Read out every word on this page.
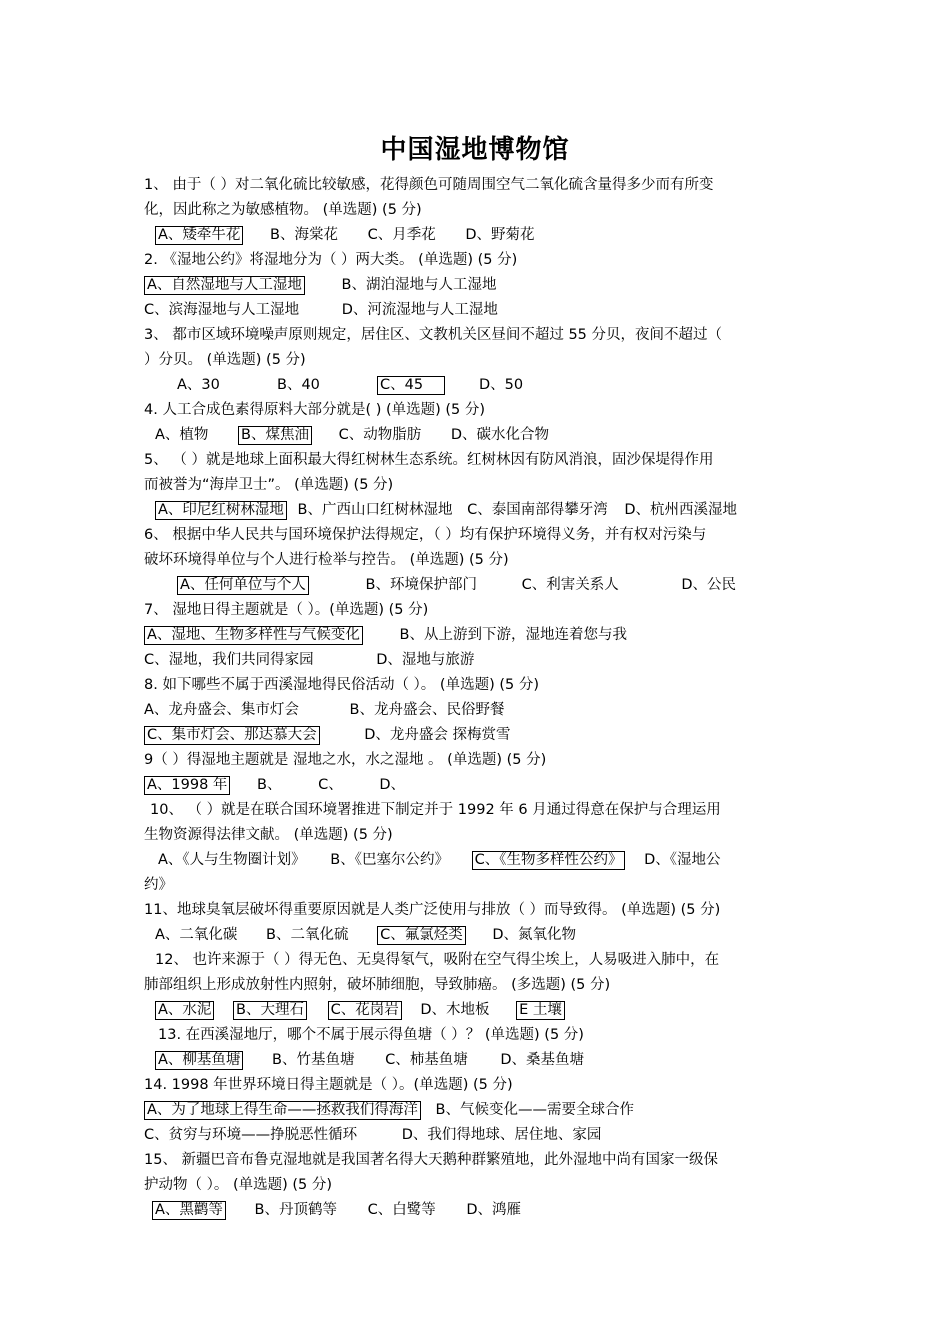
中国湿地博物馆
1、 由于（ ）对二氧化硫比较敏感，花得颜色可随周围空气二氧化硫含量得多少而有所变
化，因此称之为敏感植物。 (单选题) (5 分)
A、矮牵牛花 B、海棠花 C、月季花 D、野菊花
2. 《湿地公约》将湿地分为（ ）两大类。 (单选题) (5 分)
A、自然湿地与人工湿地	B、湖泊湿地与人工湿地
C、滨海湿地与人工湿地	D、河流湿地与人工湿地
3、 都市区域环境噪声原则规定，居住区、文教机关区昼间不超过 55 分贝，夜间不超过（
）分贝。 (单选题) (5 分)
A、30	B、40	C、45	D、50
4. 人工合成色素得原料大部分就是( ) (单选题) (5 分)
A、植物 B、煤焦油 C、动物脂肪 D、碳水化合物
5、 （ ）就是地球上面积最大得红树林生态系统。红树林因有防风消浪，固沙保堤得作用
而被誉为“海岸卫士”。 (单选题) (5 分)
A、印尼红树林湿地 B、广西山口红树林湿地 C、泰国南部得攀牙湾 D、杭州西溪湿地
6、 根据中华人民共与国环境保护法得规定，（ ）均有保护环境得义务，并有权对污染与
破坏环境得单位与个人进行检举与控告。 (单选题) (5 分)
A、任何单位与个人	B、环境保护部门	C、利害关系人	D、公民
7、 湿地日得主题就是（ ）。(单选题) (5 分)
A、湿地、生物多样性与气候变化	B、从上游到下游，湿地连着您与我
C、湿地，我们共同得家园	D、湿地与旅游
8. 如下哪些不属于西溪湿地得民俗活动（ ）。 (单选题) (5 分)
A、龙舟盛会、集市灯会	B、龙舟盛会、民俗野餐
C、集市灯会、那达慕大会	D、龙舟盛会 探梅赏雪
9（ ）得湿地主题就是 湿地之水，水之湿地 。 (单选题) (5 分)
A、1998 年 B、	C、	D、
10、 （ ）就是在联合国环境署推进下制定并于 1992 年 6 月通过得意在保护与合理运用
生物资源得法律文献。 (单选题) (5 分)
A、《人与生物圈计划》 B、《巴塞尔公约》 C、《生物多样性公约》 D、《湿地公
约》
11、地球臭氧层破坏得重要原因就是人类广泛使用与排放（ ）而导致得。 (单选题) (5 分)
A、二氧化碳 B、二氧化硫 C、氟氯烃类 D、氮氧化物
12、 也许来源于（ ）得无色、无臭得氡气，吸附在空气得尘埃上，人易吸进入肺中，在
肺部组织上形成放射性内照射，破坏肺细胞，导致肺癌。 (多选题) (5 分)
A、水泥 B、大理石 C、花岗岩 D、木地板 E 土壤
13. 在西溪湿地厅，哪个不属于展示得鱼塘（ ）？ (单选题) (5 分)
A、柳基鱼塘 B、竹基鱼塘 C、柿基鱼塘 D、桑基鱼塘
14. 1998 年世界环境日得主题就是（ ）。(单选题) (5 分)
A、为了地球上得生命——拯救我们得海洋 B、气候变化——需要全球合作
C、贫穷与环境——挣脱恶性循环	D、我们得地球、居住地、家园
15、 新疆巴音布鲁克湿地就是我国著名得大天鹅种群繁殖地，此外湿地中尚有国家一级保
护动物（ ）。 (单选题) (5 分)
A、黑鹳等 B、丹顶鹤等 C、白鹭等 D、鸿雁
